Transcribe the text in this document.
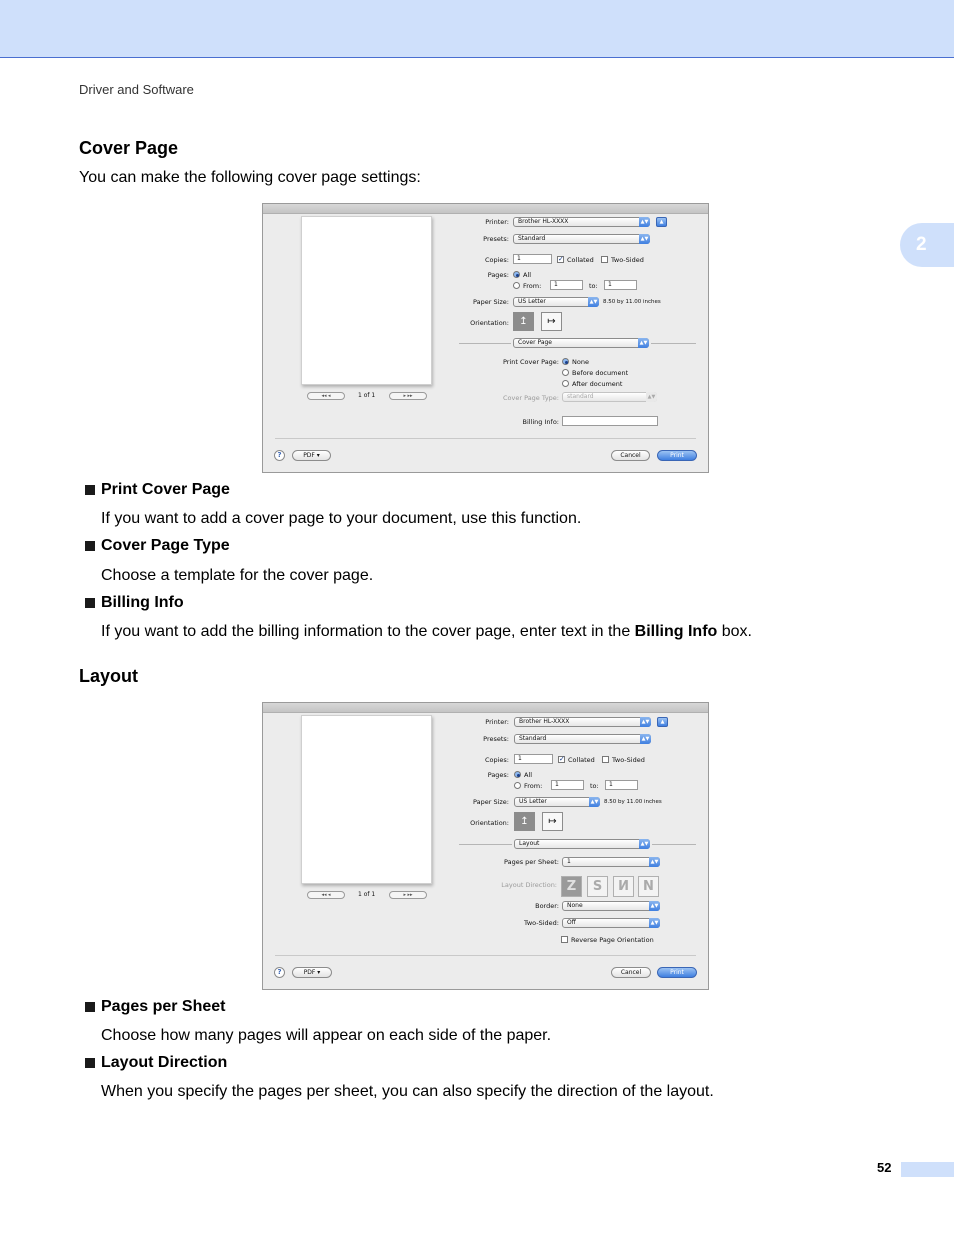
Driver and Software
2
Cover Page
You can make the following cover page settings:
◂◂ ◂	1 of 1	▸ ▸▸
Printer:	Brother HL-XXXX	▲▼	▲
Presets:	Standard	▲▼
Copies:	1	✓ Collated	Two-Sided
Pages: All
From:	1	to:	1
Paper Size:	US Letter	▲▼	8.50 by 11.00 inches
Orientation:	↥	↦
Cover Page	▲▼
Print Cover Page: None
Before document
After document
Cover Page Type:	standard	▲▼
Billing Info:
?	PDF ▾	Cancel	Print
Print Cover Page
If you want to add a cover page to your document, use this function.
Cover Page Type
Choose a template for the cover page.
Billing Info
If you want to add the billing information to the cover page, enter text in the Billing Info box.
Layout
◂◂ ◂	1 of 1	▸ ▸▸
Printer:	Brother HL-XXXX	▲▼	▲
Presets:	Standard	▲▼
Copies:	1	✓ Collated	Two-Sided
Pages: All
From:	1	to:	1
Paper Size:	US Letter	▲▼	8.50 by 11.00 inches
Orientation:	↥	↦
Layout	▲▼
Pages per Sheet:	1	▲▼
Layout Direction: Z	S	N	N
Border:	None	▲▼
Two-Sided:	Off	▲▼
Reverse Page Orientation
?	PDF ▾	Cancel	Print
Pages per Sheet
Choose how many pages will appear on each side of the paper.
Layout Direction
When you specify the pages per sheet, you can also specify the direction of the layout.
52
